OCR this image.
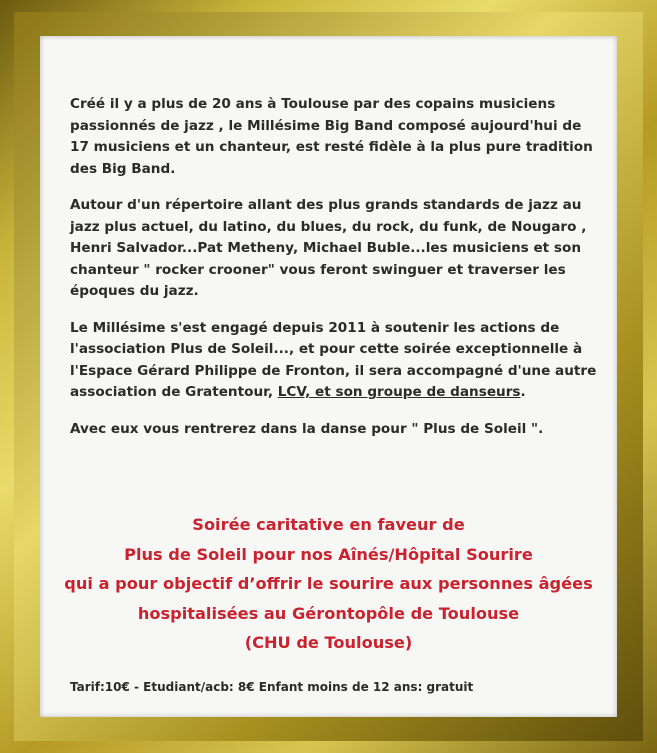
Créé il y a plus de 20 ans à Toulouse par des copains musiciens
passionnés de jazz , le Millésime Big Band composé aujourd'hui de
17 musiciens et un chanteur, est resté fidèle à la plus pure tradition
des Big Band.

Autour d'un répertoire allant des plus grands standards de jazz au
jazz plus actuel, du latino, du blues, du rock, du funk, de Nougaro ,
Henri Salvador...Pat Metheny, Michael Buble...les musiciens et son
chanteur " rocker crooner" vous feront swinguer et traverser les
époques du jazz.

Le Millésime s'est engagé depuis 2011 à soutenir les actions de
l'association Plus de Soleil..., et pour cette soirée exceptionnelle à
l'Espace Gérard Philippe de Fronton, il sera accompagné d'une autre
association de Gratentour, LCV, et son groupe de danseurs.

Avec eux vous rentrerez dans la danse pour " Plus de Soleil ".

Soirée caritative en faveur de
Plus de Soleil pour nos Aînés/Hôpital Sourire
qui a pour objectif d’offrir le sourire aux personnes âgées
hospitalisées au Gérontopôle de Toulouse
(CHU de Toulouse)
Tarif:10€ - Etudiant/acb: 8€ Enfant moins de 12 ans: gratuit
